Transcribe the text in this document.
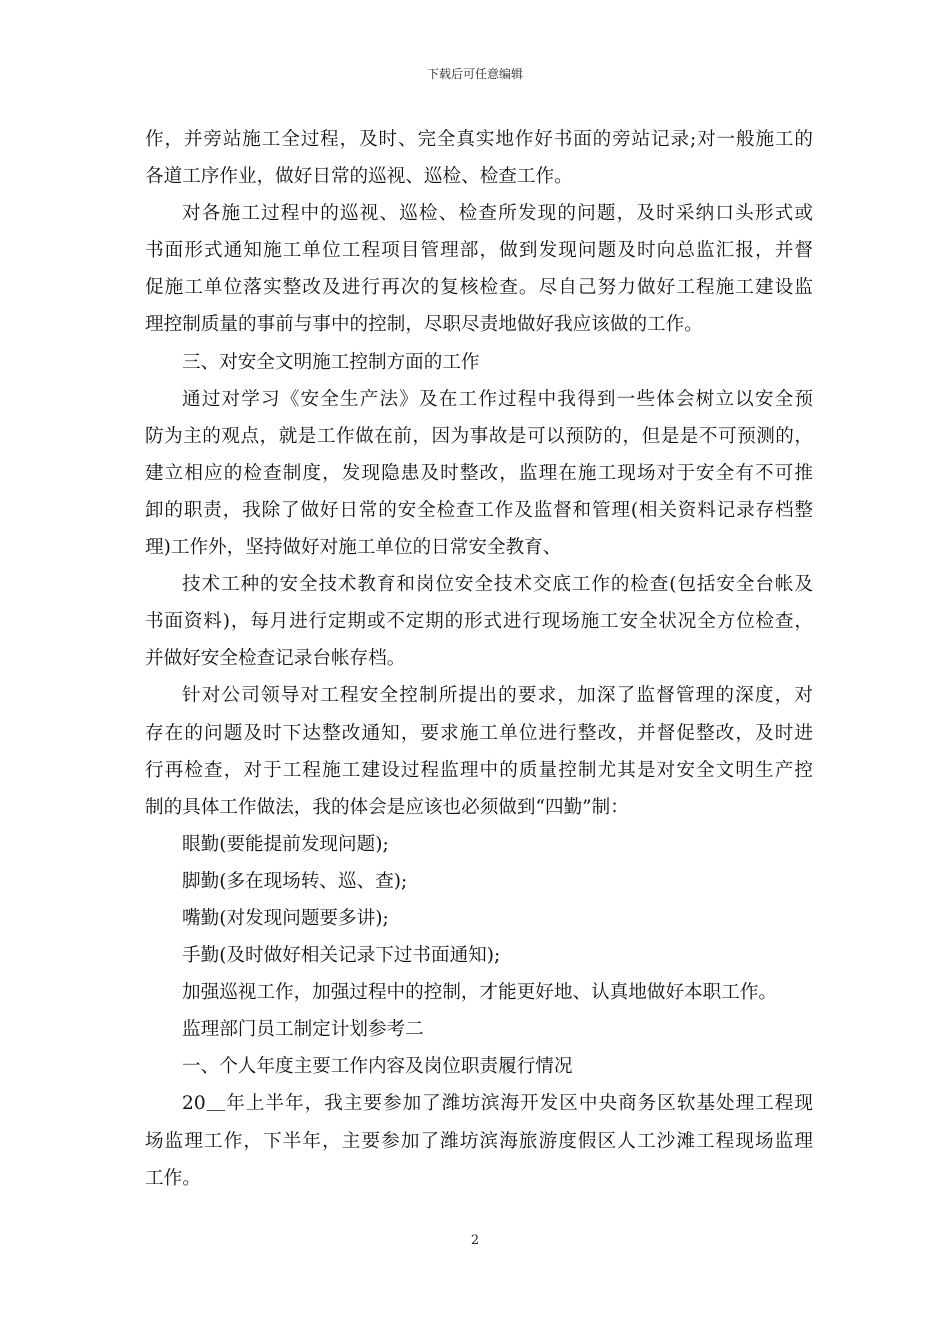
下载后可任意编辑
作，并旁站施工全过程，及时、完全真实地作好书面的旁站记录;对一般施工的
各道工序作业，做好日常的巡视、巡检、检查工作。
对各施工过程中的巡视、巡检、检查所发现的问题，及时采纳口头形式或
书面形式通知施工单位工程项目管理部，做到发现问题及时向总监汇报，并督
促施工单位落实整改及进行再次的复核检查。尽自己努力做好工程施工建设监
理控制质量的事前与事中的控制，尽职尽责地做好我应该做的工作。
三、对安全文明施工控制方面的工作
通过对学习《安全生产法》及在工作过程中我得到一些体会树立以安全预
防为主的观点，就是工作做在前，因为事故是可以预防的，但是是不可预测的，
建立相应的检查制度，发现隐患及时整改，监理在施工现场对于安全有不可推
卸的职责，我除了做好日常的安全检查工作及监督和管理(相关资料记录存档整
理)工作外，坚持做好对施工单位的日常安全教育、
技术工种的安全技术教育和岗位安全技术交底工作的检查(包括安全台帐及
书面资料)，每月进行定期或不定期的形式进行现场施工安全状况全方位检查，
并做好安全检查记录台帐存档。
针对公司领导对工程安全控制所提出的要求，加深了监督管理的深度，对
存在的问题及时下达整改通知，要求施工单位进行整改，并督促整改，及时进
行再检查，对于工程施工建设过程监理中的质量控制尤其是对安全文明生产控
制的具体工作做法，我的体会是应该也必须做到“四勤”制：
眼勤(要能提前发现问题);
脚勤(多在现场转、巡、查);
嘴勤(对发现问题要多讲);
手勤(及时做好相关记录下过书面通知);
加强巡视工作，加强过程中的控制，才能更好地、认真地做好本职工作。
监理部门员工制定计划参考二
一、个人年度主要工作内容及岗位职责履行情况
20＿年上半年，我主要参加了潍坊滨海开发区中央商务区软基处理工程现
场监理工作，下半年，主要参加了潍坊滨海旅游度假区人工沙滩工程现场监理
工作。
2
